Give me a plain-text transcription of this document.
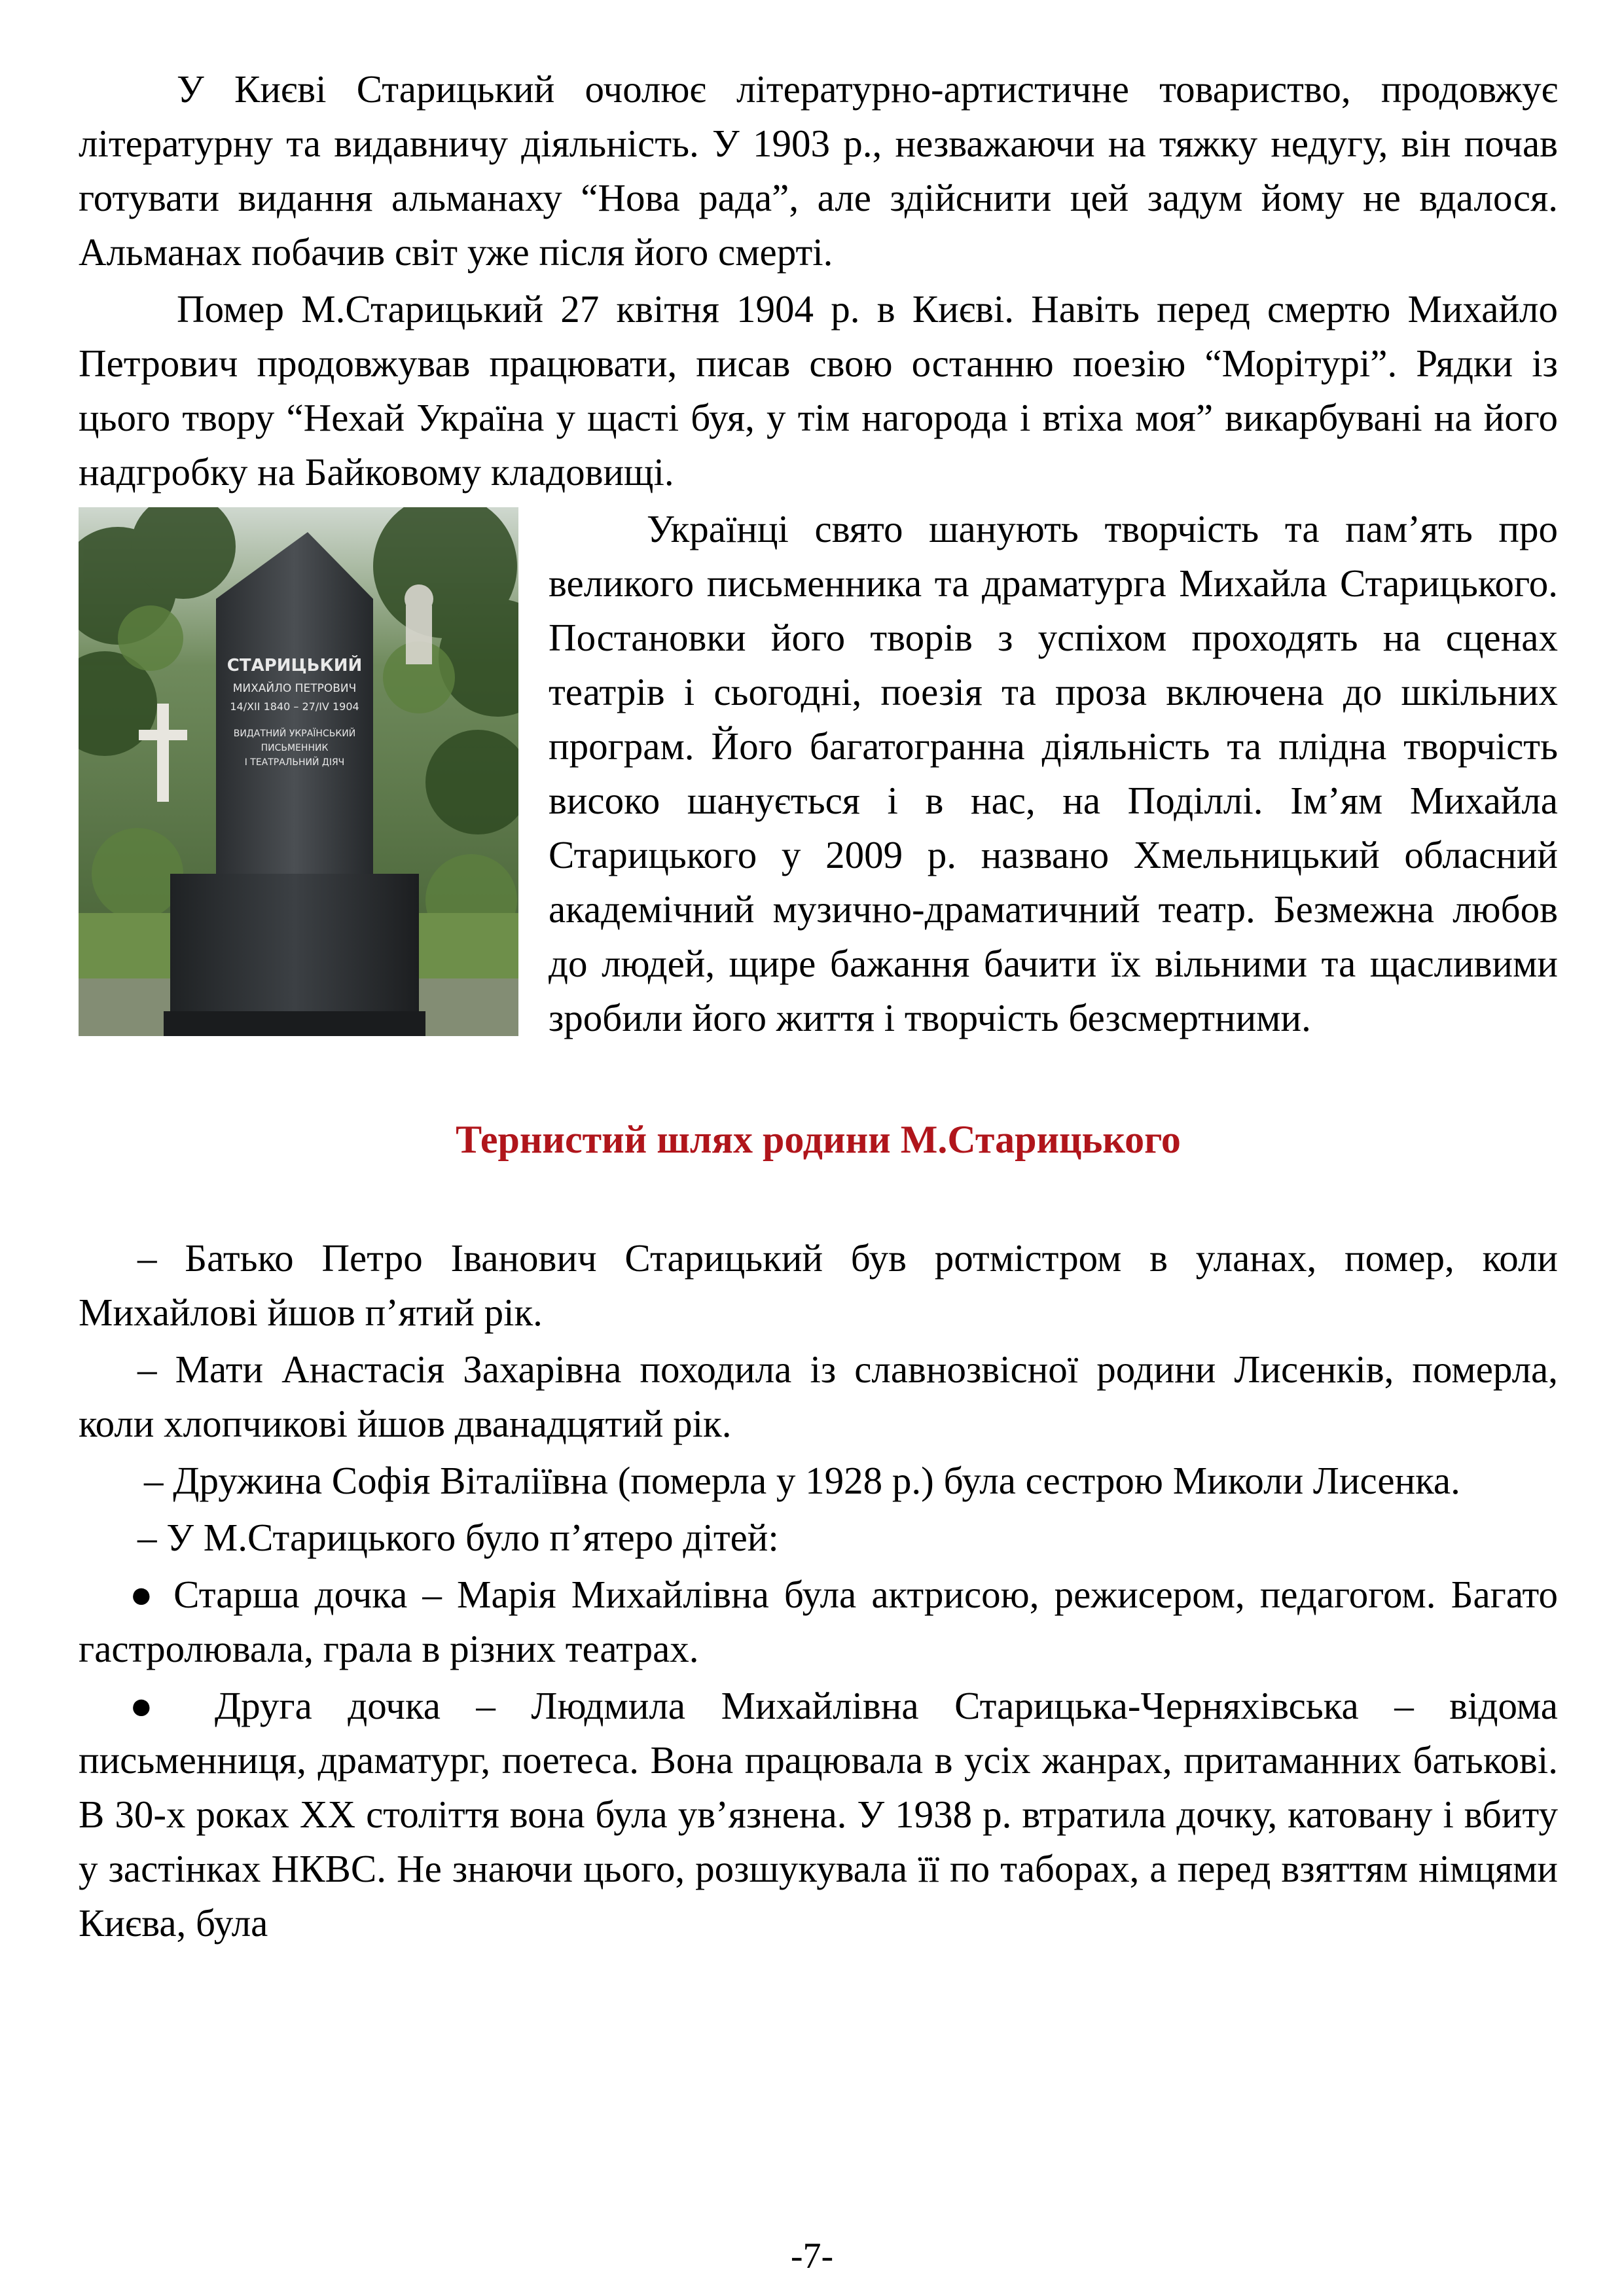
У Києві Старицький очолює літературно-артистичне товариство, продовжує літературну та видавничу діяльність. У 1903 р., незважаючи на тяжку недугу, він почав готувати видання альманаху “Нова рада”, але здійснити цей задум йому не вдалося. Альманах побачив світ уже після його смерті.

Помер М.Старицький 27 квітня 1904 р. в Києві. Навіть перед смертю Михайло Петрович продовжував працювати, писав свою останню поезію “Морітурі”. Рядки із цього твору “Нехай Україна у щасті буя, у тім нагорода і втіха моя” викарбувані на його надгробку на Байковому кладовищі.

СТАРИЦЬКИЙ
МИХАЙЛО ПЕТРОВИЧ
14/XII 1840 – 27/IV 1904
ВИДАТНИЙ УКРАЇНСЬКИЙ
ПИСЬМЕННИК
І ТЕАТРАЛЬНИЙ ДІЯЧ

Українці свято шанують творчість та пам’ять про великого письменника та драматурга Михайла Старицького. Постановки його творів з успіхом проходять на сценах театрів і сьогодні, поезія та проза включена до шкільних програм. Його багатогранна діяльність та плідна творчість високо шанується і в нас, на Поділлі. Ім’ям Михайла Старицького у 2009 р. названо Хмельницький обласний академічний музично-драматичний театр. Безмежна любов до людей, щире бажання бачити їх вільними та щасливими зробили його життя і творчість безсмертними.

Тернистий шлях родини М.Старицького

– Батько Петро Іванович Старицький був ротмістром в уланах, помер, коли Михайлові йшов п’ятий рік.

– Мати Анастасія Захарівна походила із славнозвісної родини Лисенків, померла, коли хлопчикові йшов дванадцятий рік.

– Дружина Софія Віталіївна (померла у 1928 р.) була сестрою Миколи Лисенка.

– У М.Старицького було п’ятеро дітей:

● Старша дочка – Марія Михайлівна була актрисою, режисером, педагогом. Багато гастролювала, грала в різних театрах.

● Друга дочка – Людмила Михайлівна Старицька-Черняхівська – відома письменниця, драматург, поетеса. Вона працювала в усіх жанрах, притаманних батькові. В 30-х роках XX століття вона була ув’язнена. У 1938 р. втратила дочку, катовану і вбиту у застінках НКВС. Не знаючи цього, розшукувала її по таборах, а перед взяттям німцями Києва, була

-7-
